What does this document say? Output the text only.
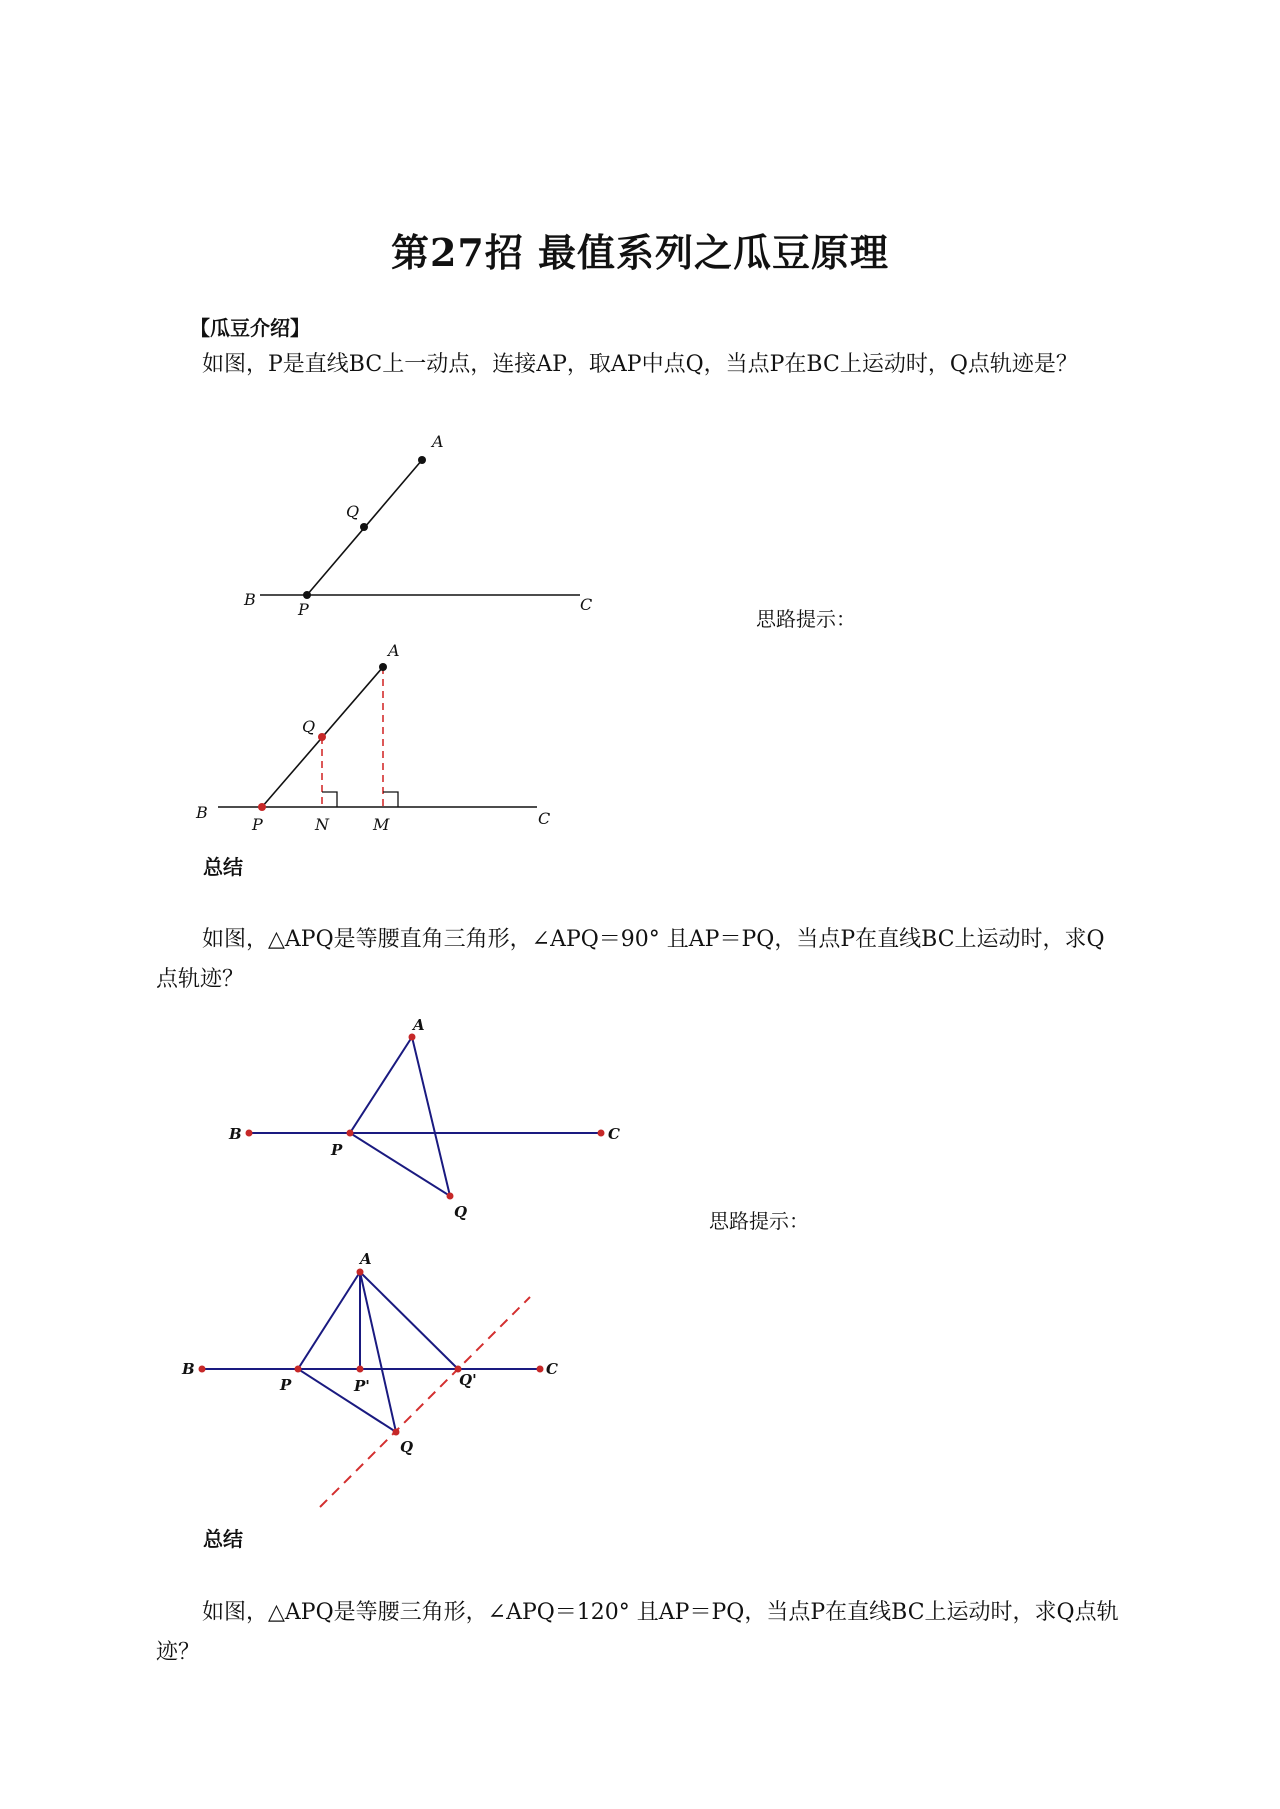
第27招 最值系列之瓜豆原理
【瓜豆介绍】
如图，P是直线BC上一动点，连接AP，取AP中点Q，当点P在BC上运动时，Q点轨迹是？
A
Q
B
P	C
思路提示：
A
Q
B
P	N	M	C
总结
如图，△APQ是等腰直角三角形，∠APQ＝90° 且AP＝PQ，当点P在直线BC上运动时，求Q点轨迹？
A
B
P
C
Q	思路提示：
A
B
P	P'	Q'
C
Q
总结
如图，△APQ是等腰三角形，∠APQ＝120° 且AP＝PQ，当点P在直线BC上运动时，求Q点轨迹？
